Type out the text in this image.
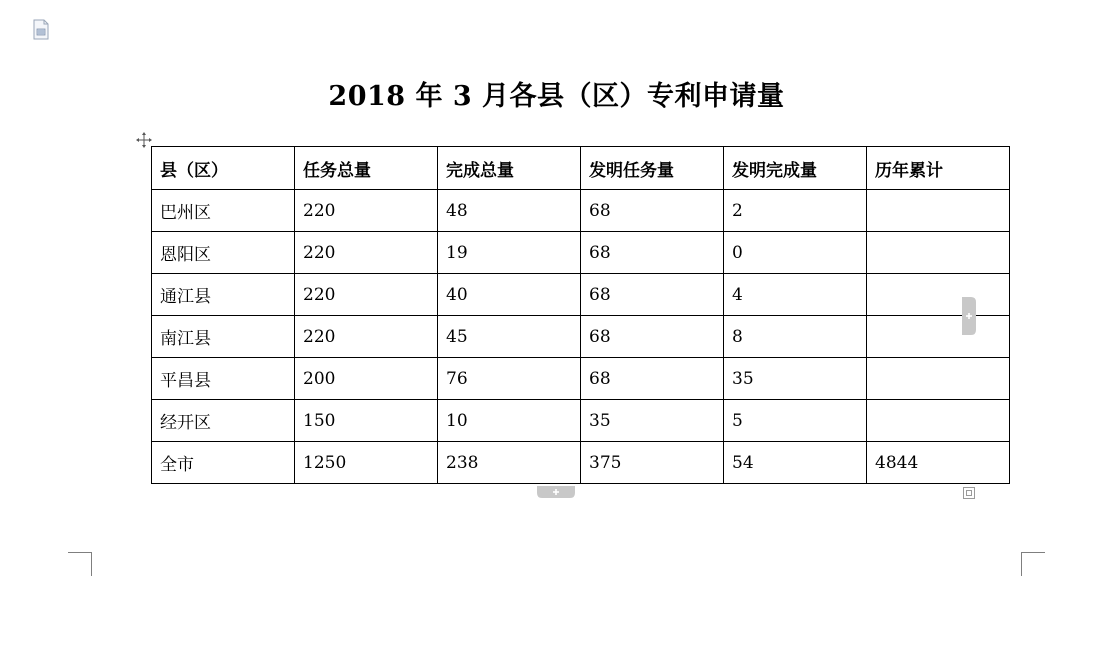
2018 年 3 月各县（区）专利申请量
县（区）	任务总量	完成总量	发明任务量	发明完成量	历年累计
巴州区	220	48	68	2	
恩阳区	220	19	68	0	
通江县	220	40	68	4	
南江县	220	45	68	8	
平昌县	200	76	68	35	
经开区	150	10	35	5	
全市	1250	238	375	54	4844
